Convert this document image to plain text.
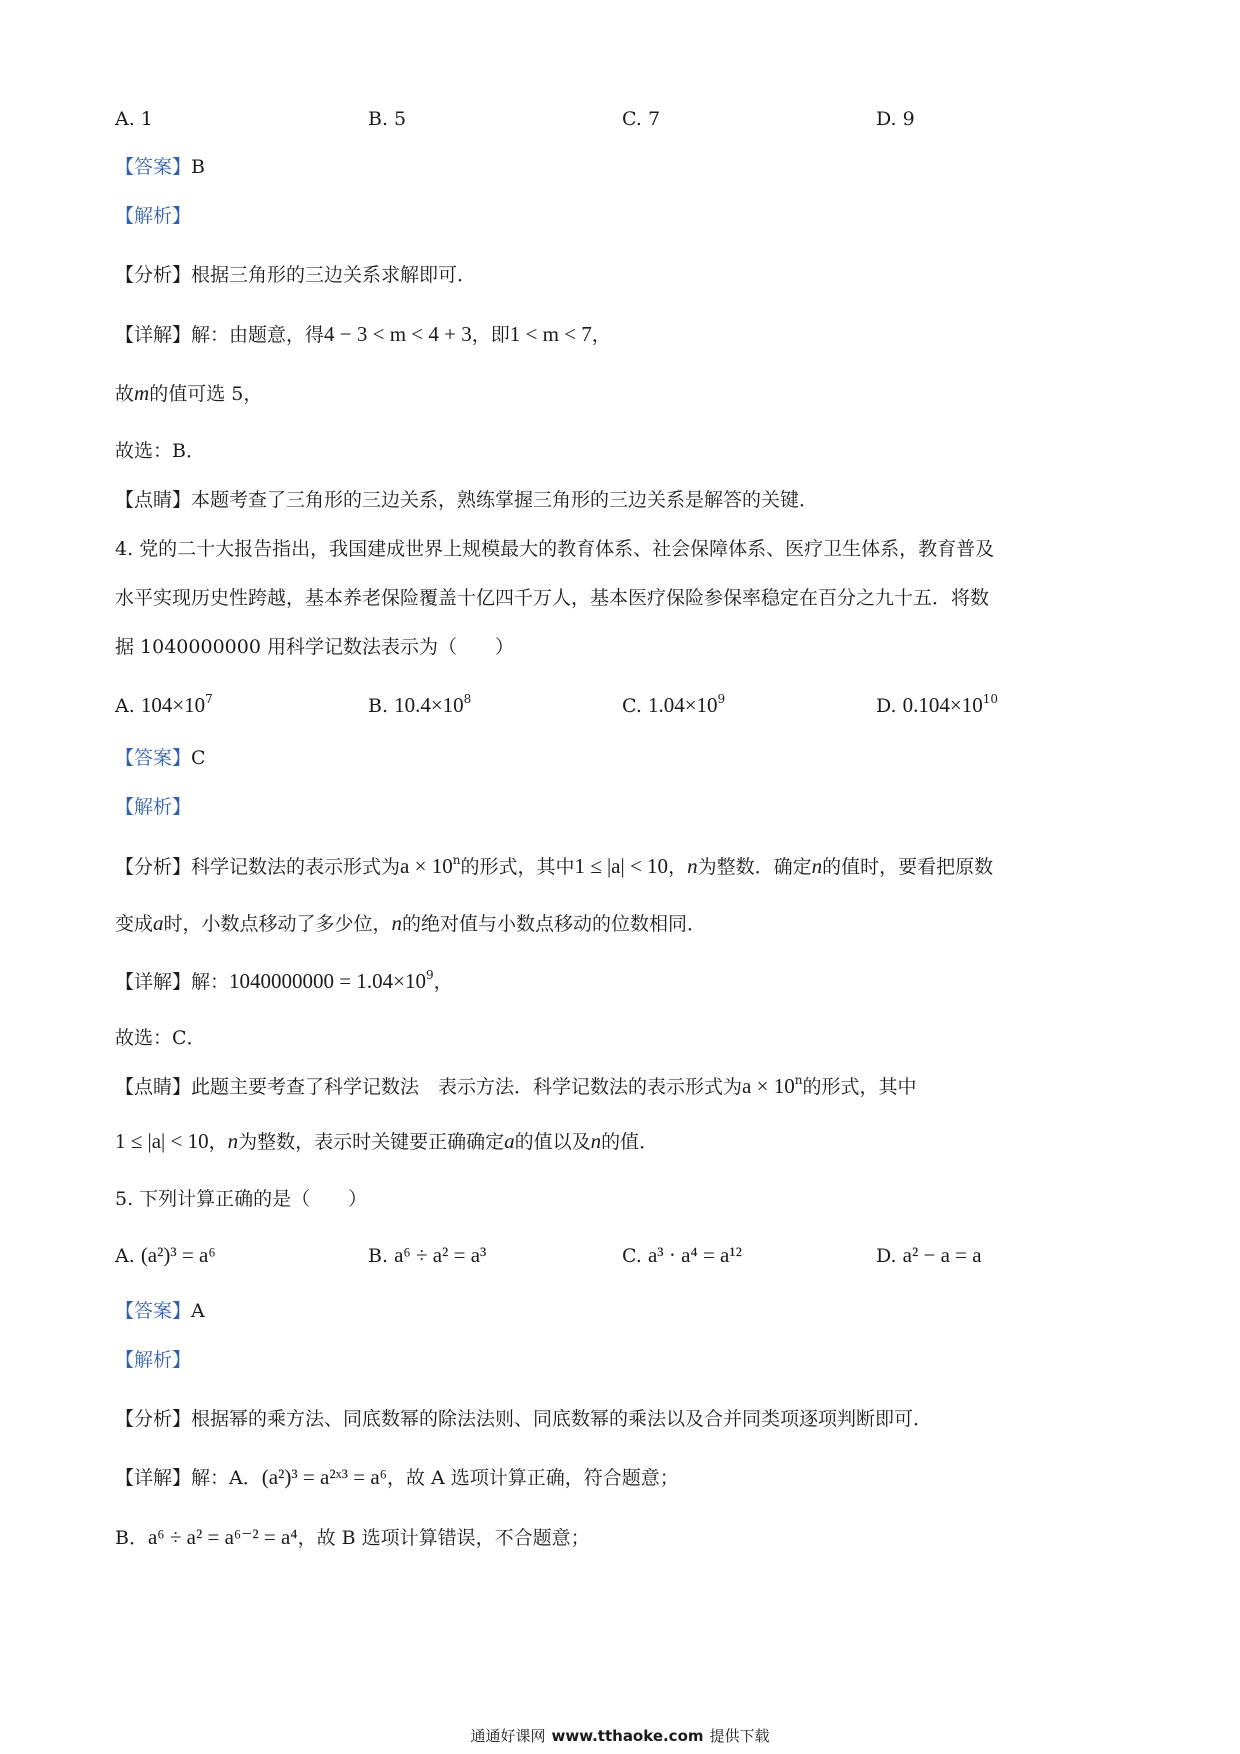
A. 1	B. 5	C. 7	D. 9
【答案】B
【解析】
【分析】根据三角形的三边关系求解即可．
【详解】解：由题意，得4 − 3 < m < 4 + 3，即1 < m < 7，
故m的值可选 5，
故选：B．
【点睛】本题考查了三角形的三边关系，熟练掌握三角形的三边关系是解答的关键．
4. 党的二十大报告指出，我国建成世界上规模最大的教育体系、社会保障体系、医疗卫生体系，教育普及
水平实现历史性跨越，基本养老保险覆盖十亿四千万人，基本医疗保险参保率稳定在百分之九十五．将数
据 1040000000 用科学记数法表示为（　　）
A. $104\times 10^7$	B. $10.4\times 10^8$	C. $1.04\times 10^9$	D. $0.104\times 10^{10}$
【答案】C
【解析】
【分析】科学记数法的表示形式为$a \times 10^n$的形式，其中1 ≤ |a| < 10，n为整数．确定n的值时，要看把原数
变成a时，小数点移动了多少位，n的绝对值与小数点移动的位数相同．
【详解】解：$1040000000 = 1.04\times 10^9$，
故选：C．
【点睛】此题主要考查了科学记数法　表示方法．科学记数法的表示形式为$a \times 10^n$的形式，其中
1 ≤ |a| < 10，n为整数，表示时关键要正确确定a的值以及n的值．
5. 下列计算正确的是（　　）
A. (a²)³ = a⁶	B. a⁶ ÷ a² = a³	C. a³ · a⁴ = a¹²	D. a² − a = a
【答案】A
【解析】
【分析】根据幂的乘方法、同底数幂的除法法则、同底数幂的乘法以及合并同类项逐项判断即可．
【详解】解：A．(a²)³ = a²ˣ³ = a⁶，故 A 选项计算正确，符合题意；
B．a⁶ ÷ a² = a⁶⁻² = a⁴，故 B 选项计算错误，不合题意；
通通好课网 www.tthaoke.com 提供下载
